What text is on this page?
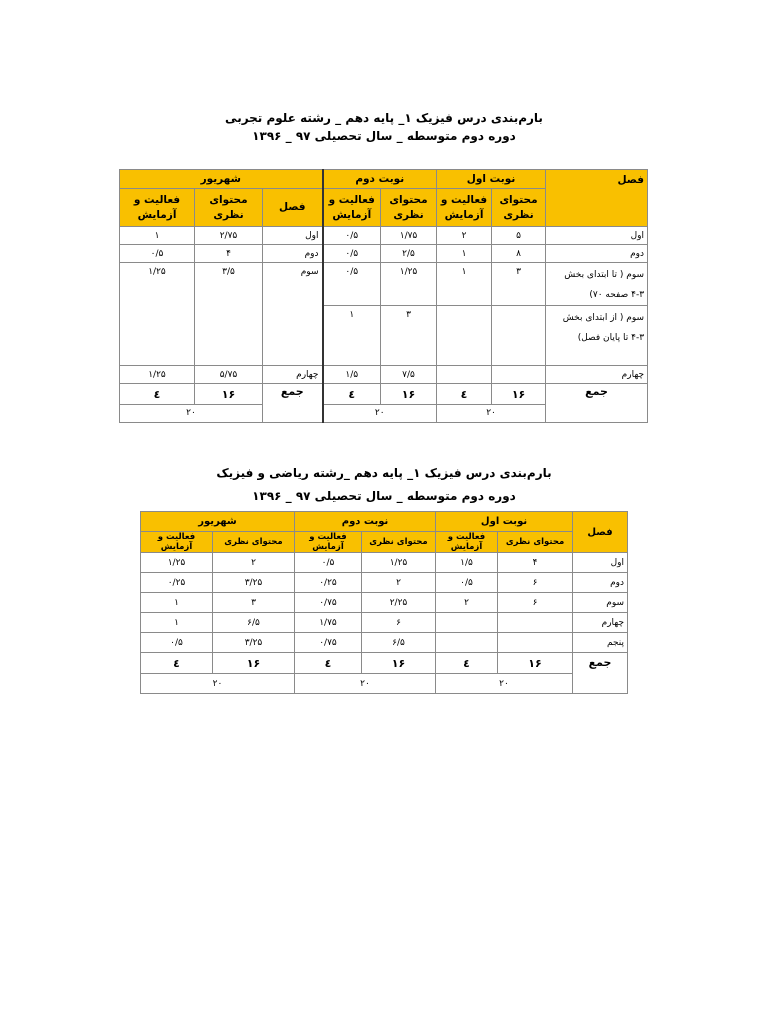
بارم‌بندی درس فیزیک ۱_ پایه دهم _ رشته علوم تجربی
دوره دوم متوسطه _ سال تحصیلی ۹۷ _ ۱۳۹۶
فصل	نوبت اول		نوبت دوم		شهریور		
	محتوای نظری	فعالیت و آزمایش	محتوای نظری	فعالیت و آزمایش	فصل	محتوای نظری	فعالیت و آزمایش
اول	۵	۲	۱/۷۵	۰/۵	اول	۲/۷۵	۱
دوم	۸	۱	۲/۵	۰/۵	دوم	۴	۰/۵
سوم ( تا ابتدای بخش ۳-۴ صفحه ۷۰)	۳	۱	۱/۲۵	۰/۵	سوم	۳/۵	۱/۲۵
سوم ( از ابتدای بخش ۳-۴ تا پایان فصل)			۳	۱			
چهارم			۷/۵	۱/۵	چهارم	۵/۷۵	۱/۲۵
جمع	۱۶	٤	۱۶	٤	جمع	۱۶	٤
	۲۰		۲۰			۲۰	
بارم‌بندی درس فیزیک ۱_ پایه دهم _رشته ریاضی و فیزیک
دوره دوم متوسطه _ سال تحصیلی ۹۷ _ ۱۳۹۶
فصل	نوبت اول		نوبت دوم		شهریور	
	محتوای نظری	فعالیت و آزمایش	محتوای نظری	فعالیت و آزمایش	محتوای نظری	فعالیت و آزمایش
اول	۴	۱/۵	۱/۲۵	۰/۵	۲	۱/۲۵
دوم	۶	۰/۵	۲	۰/۲۵	۳/۲۵	۰/۲۵
سوم	۶	۲	۲/۲۵	۰/۷۵	۳	۱
چهارم			۶	۱/۷۵	۶/۵	۱
پنجم			۶/۵	۰/۷۵	۳/۲۵	۰/۵
جمع	۱۶	٤	۱۶	٤	۱۶	٤
	۲۰		۲۰		۲۰	
